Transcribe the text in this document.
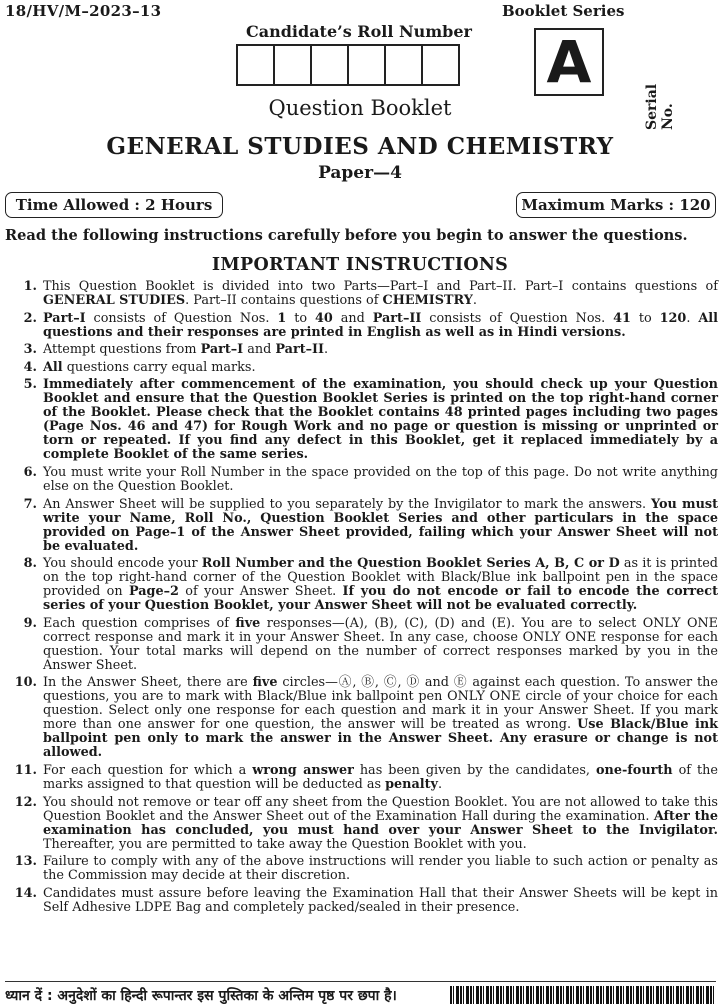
18/HV/M–2023–13	Booklet Series
Candidate’s Roll Number A
Serial No.
Question Booklet
GENERAL STUDIES AND CHEMISTRY
Paper—4
Time Allowed : 2 Hours	Maximum Marks : 120
Read the following instructions carefully before you begin to answer the questions.
IMPORTANT INSTRUCTIONS
1. This Question Booklet is divided into two Parts—Part–I and Part–II. Part–I contains questions of GENERAL STUDIES. Part–II contains questions of CHEMISTRY.
2. Part–I consists of Question Nos. 1 to 40 and Part–II consists of Question Nos. 41 to 120. All questions and their responses are printed in English as well as in Hindi versions.
3. Attempt questions from Part–I and Part–II.
4. All questions carry equal marks.
5. Immediately after commencement of the examination, you should check up your Question Booklet and ensure that the Question Booklet Series is printed on the top right-hand corner of the Booklet. Please check that the Booklet contains 48 printed pages including two pages (Page Nos. 46 and 47) for Rough Work and no page or question is missing or unprinted or torn or repeated. If you find any defect in this Booklet, get it replaced immediately by a complete Booklet of the same series.
6. You must write your Roll Number in the space provided on the top of this page. Do not write anything else on the Question Booklet.
7. An Answer Sheet will be supplied to you separately by the Invigilator to mark the answers. You must write your Name, Roll No., Question Booklet Series and other particulars in the space provided on Page–1 of the Answer Sheet provided, failing which your Answer Sheet will not be evaluated.
8. You should encode your Roll Number and the Question Booklet Series A, B, C or D as it is printed on the top right-hand corner of the Question Booklet with Black/Blue ink ballpoint pen in the space provided on Page–2 of your Answer Sheet. If you do not encode or fail to encode the correct series of your Question Booklet, your Answer Sheet will not be evaluated correctly.
9. Each question comprises of five responses—(A), (B), (C), (D) and (E). You are to select ONLY ONE correct response and mark it in your Answer Sheet. In any case, choose ONLY ONE response for each question. Your total marks will depend on the number of correct responses marked by you in the Answer Sheet.
10. In the Answer Sheet, there are five circles—Ⓐ, Ⓑ, Ⓒ, Ⓓ and Ⓔ against each question. To answer the questions, you are to mark with Black/Blue ink ballpoint pen ONLY ONE circle of your choice for each question. Select only one response for each question and mark it in your Answer Sheet. If you mark more than one answer for one question, the answer will be treated as wrong. Use Black/Blue ink ballpoint pen only to mark the answer in the Answer Sheet. Any erasure or change is not allowed.
11. For each question for which a wrong answer has been given by the candidates, one-fourth of the marks assigned to that question will be deducted as penalty.
12. You should not remove or tear off any sheet from the Question Booklet. You are not allowed to take this Question Booklet and the Answer Sheet out of the Examination Hall during the examination. After the examination has concluded, you must hand over your Answer Sheet to the Invigilator. Thereafter, you are permitted to take away the Question Booklet with you.
13. Failure to comply with any of the above instructions will render you liable to such action or penalty as the Commission may decide at their discretion.
14. Candidates must assure before leaving the Examination Hall that their Answer Sheets will be kept in Self Adhesive LDPE Bag and completely packed/sealed in their presence.
ध्यान दें : अनुदेशों का हिन्दी रूपान्तर इस पुस्तिका के अन्तिम पृष्ठ पर छपा है।
